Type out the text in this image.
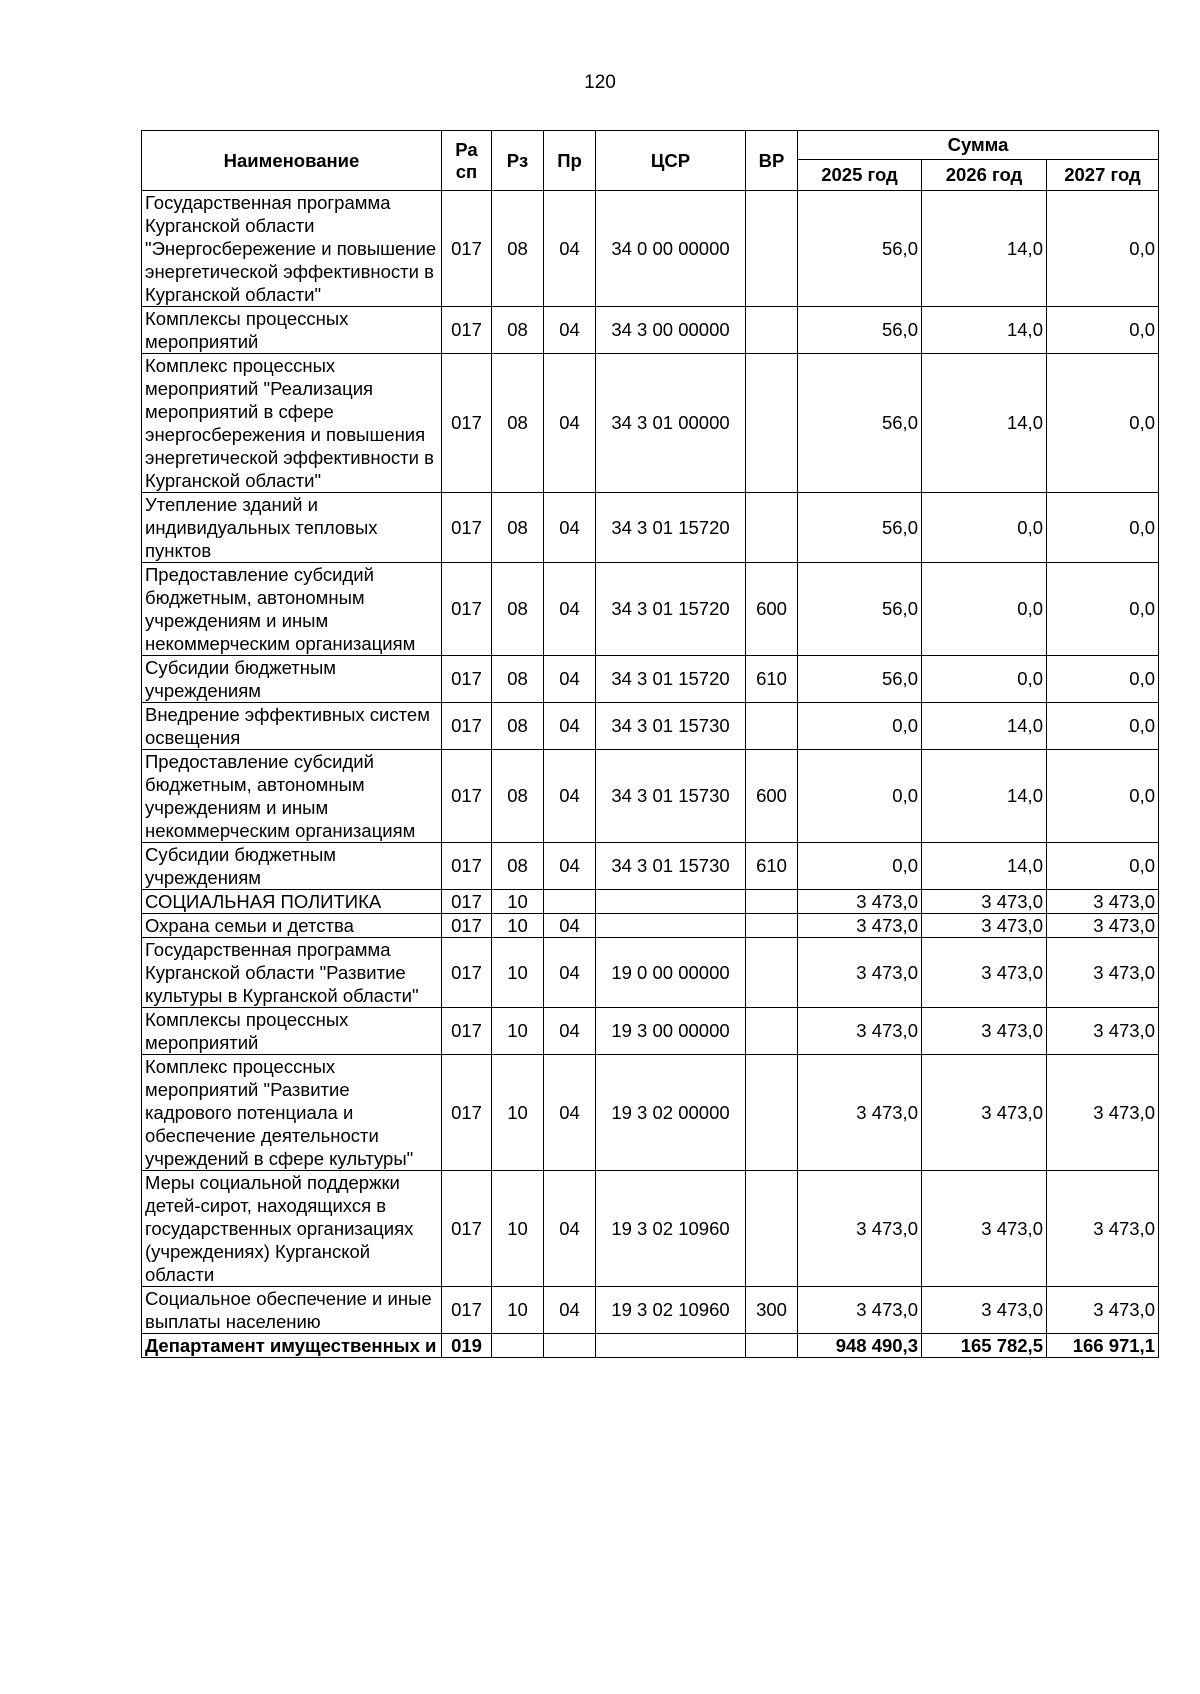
120
Наименование	Ра сп	Рз	Пр	ЦСР	ВР	Сумма		
						2025 год	2026 год	2027 год
Государственная программа Курганской области "Энергосбережение и повышение энергетической эффективности в Курганской области"	017	08	04	34 0 00 00000		56,0	14,0	0,0
Комплексы процессных мероприятий	017	08	04	34 3 00 00000		56,0	14,0	0,0
Комплекс процессных мероприятий "Реализация мероприятий в сфере энергосбережения и повышения энергетической эффективности в Курганской области"	017	08	04	34 3 01 00000		56,0	14,0	0,0
Утепление зданий и индивидуальных тепловых пунктов	017	08	04	34 3 01 15720		56,0	0,0	0,0
Предоставление субсидий бюджетным, автономным учреждениям и иным некоммерческим организациям	017	08	04	34 3 01 15720	600	56,0	0,0	0,0
Субсидии бюджетным учреждениям	017	08	04	34 3 01 15720	610	56,0	0,0	0,0
Внедрение эффективных систем освещения	017	08	04	34 3 01 15730		0,0	14,0	0,0
Предоставление субсидий бюджетным, автономным учреждениям и иным некоммерческим организациям	017	08	04	34 3 01 15730	600	0,0	14,0	0,0
Субсидии бюджетным учреждениям	017	08	04	34 3 01 15730	610	0,0	14,0	0,0
СОЦИАЛЬНАЯ ПОЛИТИКА	017	10				3 473,0	3 473,0	3 473,0
Охрана семьи и детства	017	10	04			3 473,0	3 473,0	3 473,0
Государственная программа Курганской области "Развитие культуры в Курганской области"	017	10	04	19 0 00 00000		3 473,0	3 473,0	3 473,0
Комплексы процессных мероприятий	017	10	04	19 3 00 00000		3 473,0	3 473,0	3 473,0
Комплекс процессных мероприятий "Развитие кадрового потенциала и обеспечение деятельности учреждений в сфере культуры"	017	10	04	19 3 02 00000		3 473,0	3 473,0	3 473,0
Меры социальной поддержки детей-сирот, находящихся в государственных организациях (учреждениях) Курганской области	017	10	04	19 3 02 10960		3 473,0	3 473,0	3 473,0
Социальное обеспечение и иные выплаты населению	017	10	04	19 3 02 10960	300	3 473,0	3 473,0	3 473,0
Департамент имущественных и	019					948 490,3	165 782,5	166 971,1
